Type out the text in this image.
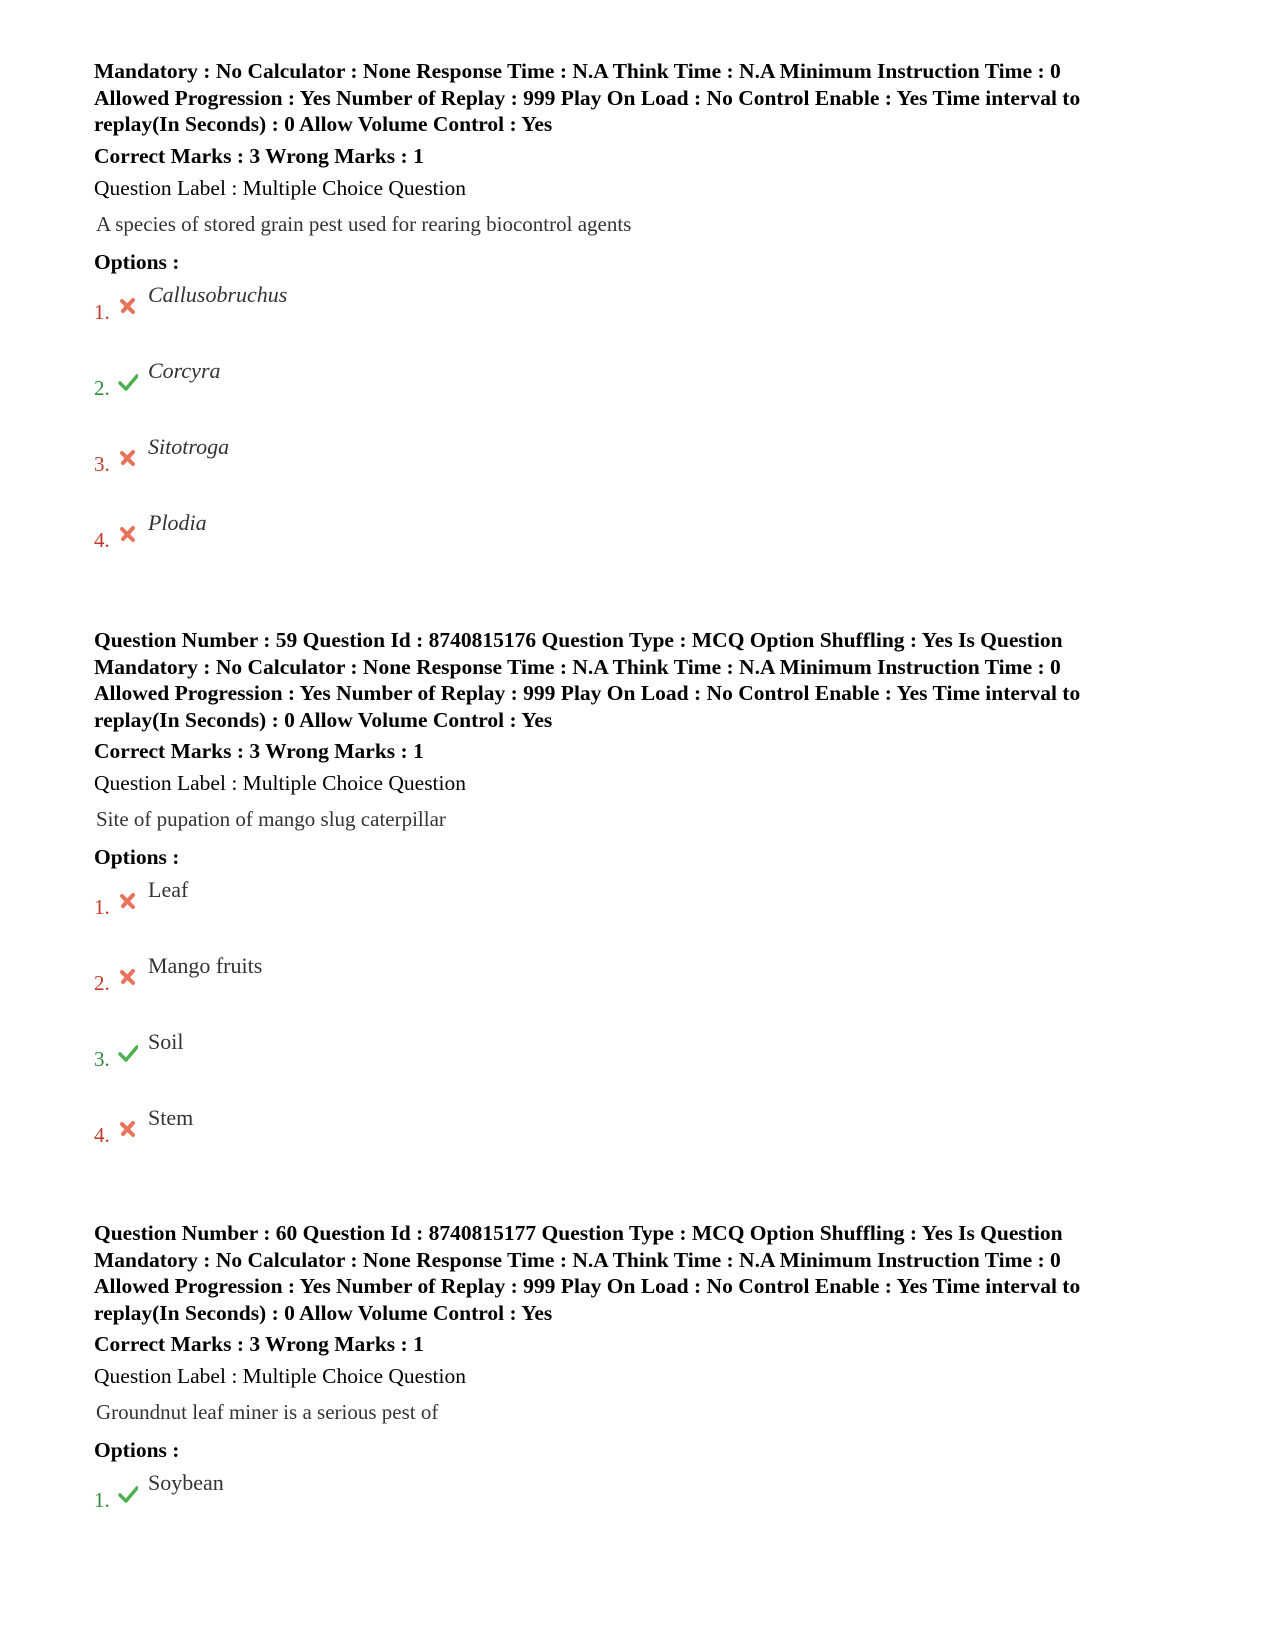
Mandatory : No Calculator : None Response Time : N.A Think Time : N.A Minimum Instruction Time : 0
Allowed Progression : Yes Number of Replay : 999 Play On Load : No Control Enable : Yes Time interval to
replay(In Seconds) : 0 Allow Volume Control : Yes

Correct Marks : 3 Wrong Marks : 1
Question Label : Multiple Choice Question
A species of stored grain pest used for rearing biocontrol agents
Options :
1.
Callusobruchus
2.
Corcyra
3.
Sitotroga
4.
Plodia

Question Number : 59 Question Id : 8740815176 Question Type : MCQ Option Shuffling : Yes Is Question
Mandatory : No Calculator : None Response Time : N.A Think Time : N.A Minimum Instruction Time : 0
Allowed Progression : Yes Number of Replay : 999 Play On Load : No Control Enable : Yes Time interval to
replay(In Seconds) : 0 Allow Volume Control : Yes

Correct Marks : 3 Wrong Marks : 1
Question Label : Multiple Choice Question
Site of pupation of mango slug caterpillar
Options :
1.
Leaf
2.
Mango fruits
3.
Soil
4.
Stem

Question Number : 60 Question Id : 8740815177 Question Type : MCQ Option Shuffling : Yes Is Question
Mandatory : No Calculator : None Response Time : N.A Think Time : N.A Minimum Instruction Time : 0
Allowed Progression : Yes Number of Replay : 999 Play On Load : No Control Enable : Yes Time interval to
replay(In Seconds) : 0 Allow Volume Control : Yes

Correct Marks : 3 Wrong Marks : 1
Question Label : Multiple Choice Question
Groundnut leaf miner is a serious pest of
Options :
1.
Soybean
